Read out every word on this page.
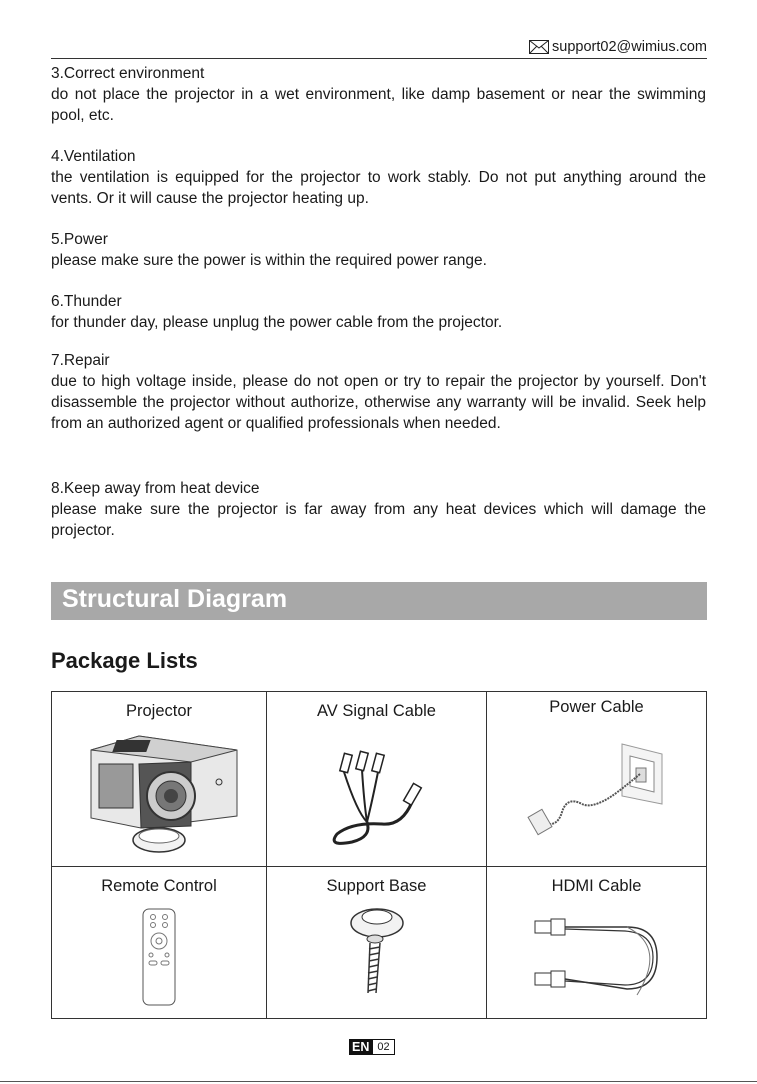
support02@wimius.com
3.Correct environment

do not place the projector in a wet environment, like damp basement or near the swimming pool, etc.

4.Ventilation

the ventilation is equipped for the projector to work stably. Do not put anything around the vents. Or it will cause the projector heating up.

5.Power

please make sure the power is within the required power range.

6.Thunder

for thunder day, please unplug the power cable from the projector.

7.Repair

due to high voltage inside, please do not open or try to repair the projector by yourself. Don't disassemble the projector without authorize, otherwise any warranty will be invalid. Seek help from an authorized agent or qualified professionals when needed.

8.Keep away from heat device

please make sure the projector is far away from any heat devices which will damage the projector.

Structural Diagram
Package Lists
Projector	AV Signal Cable	Power Cable
Remote Control	Support Base	HDMI Cable
EN 02
